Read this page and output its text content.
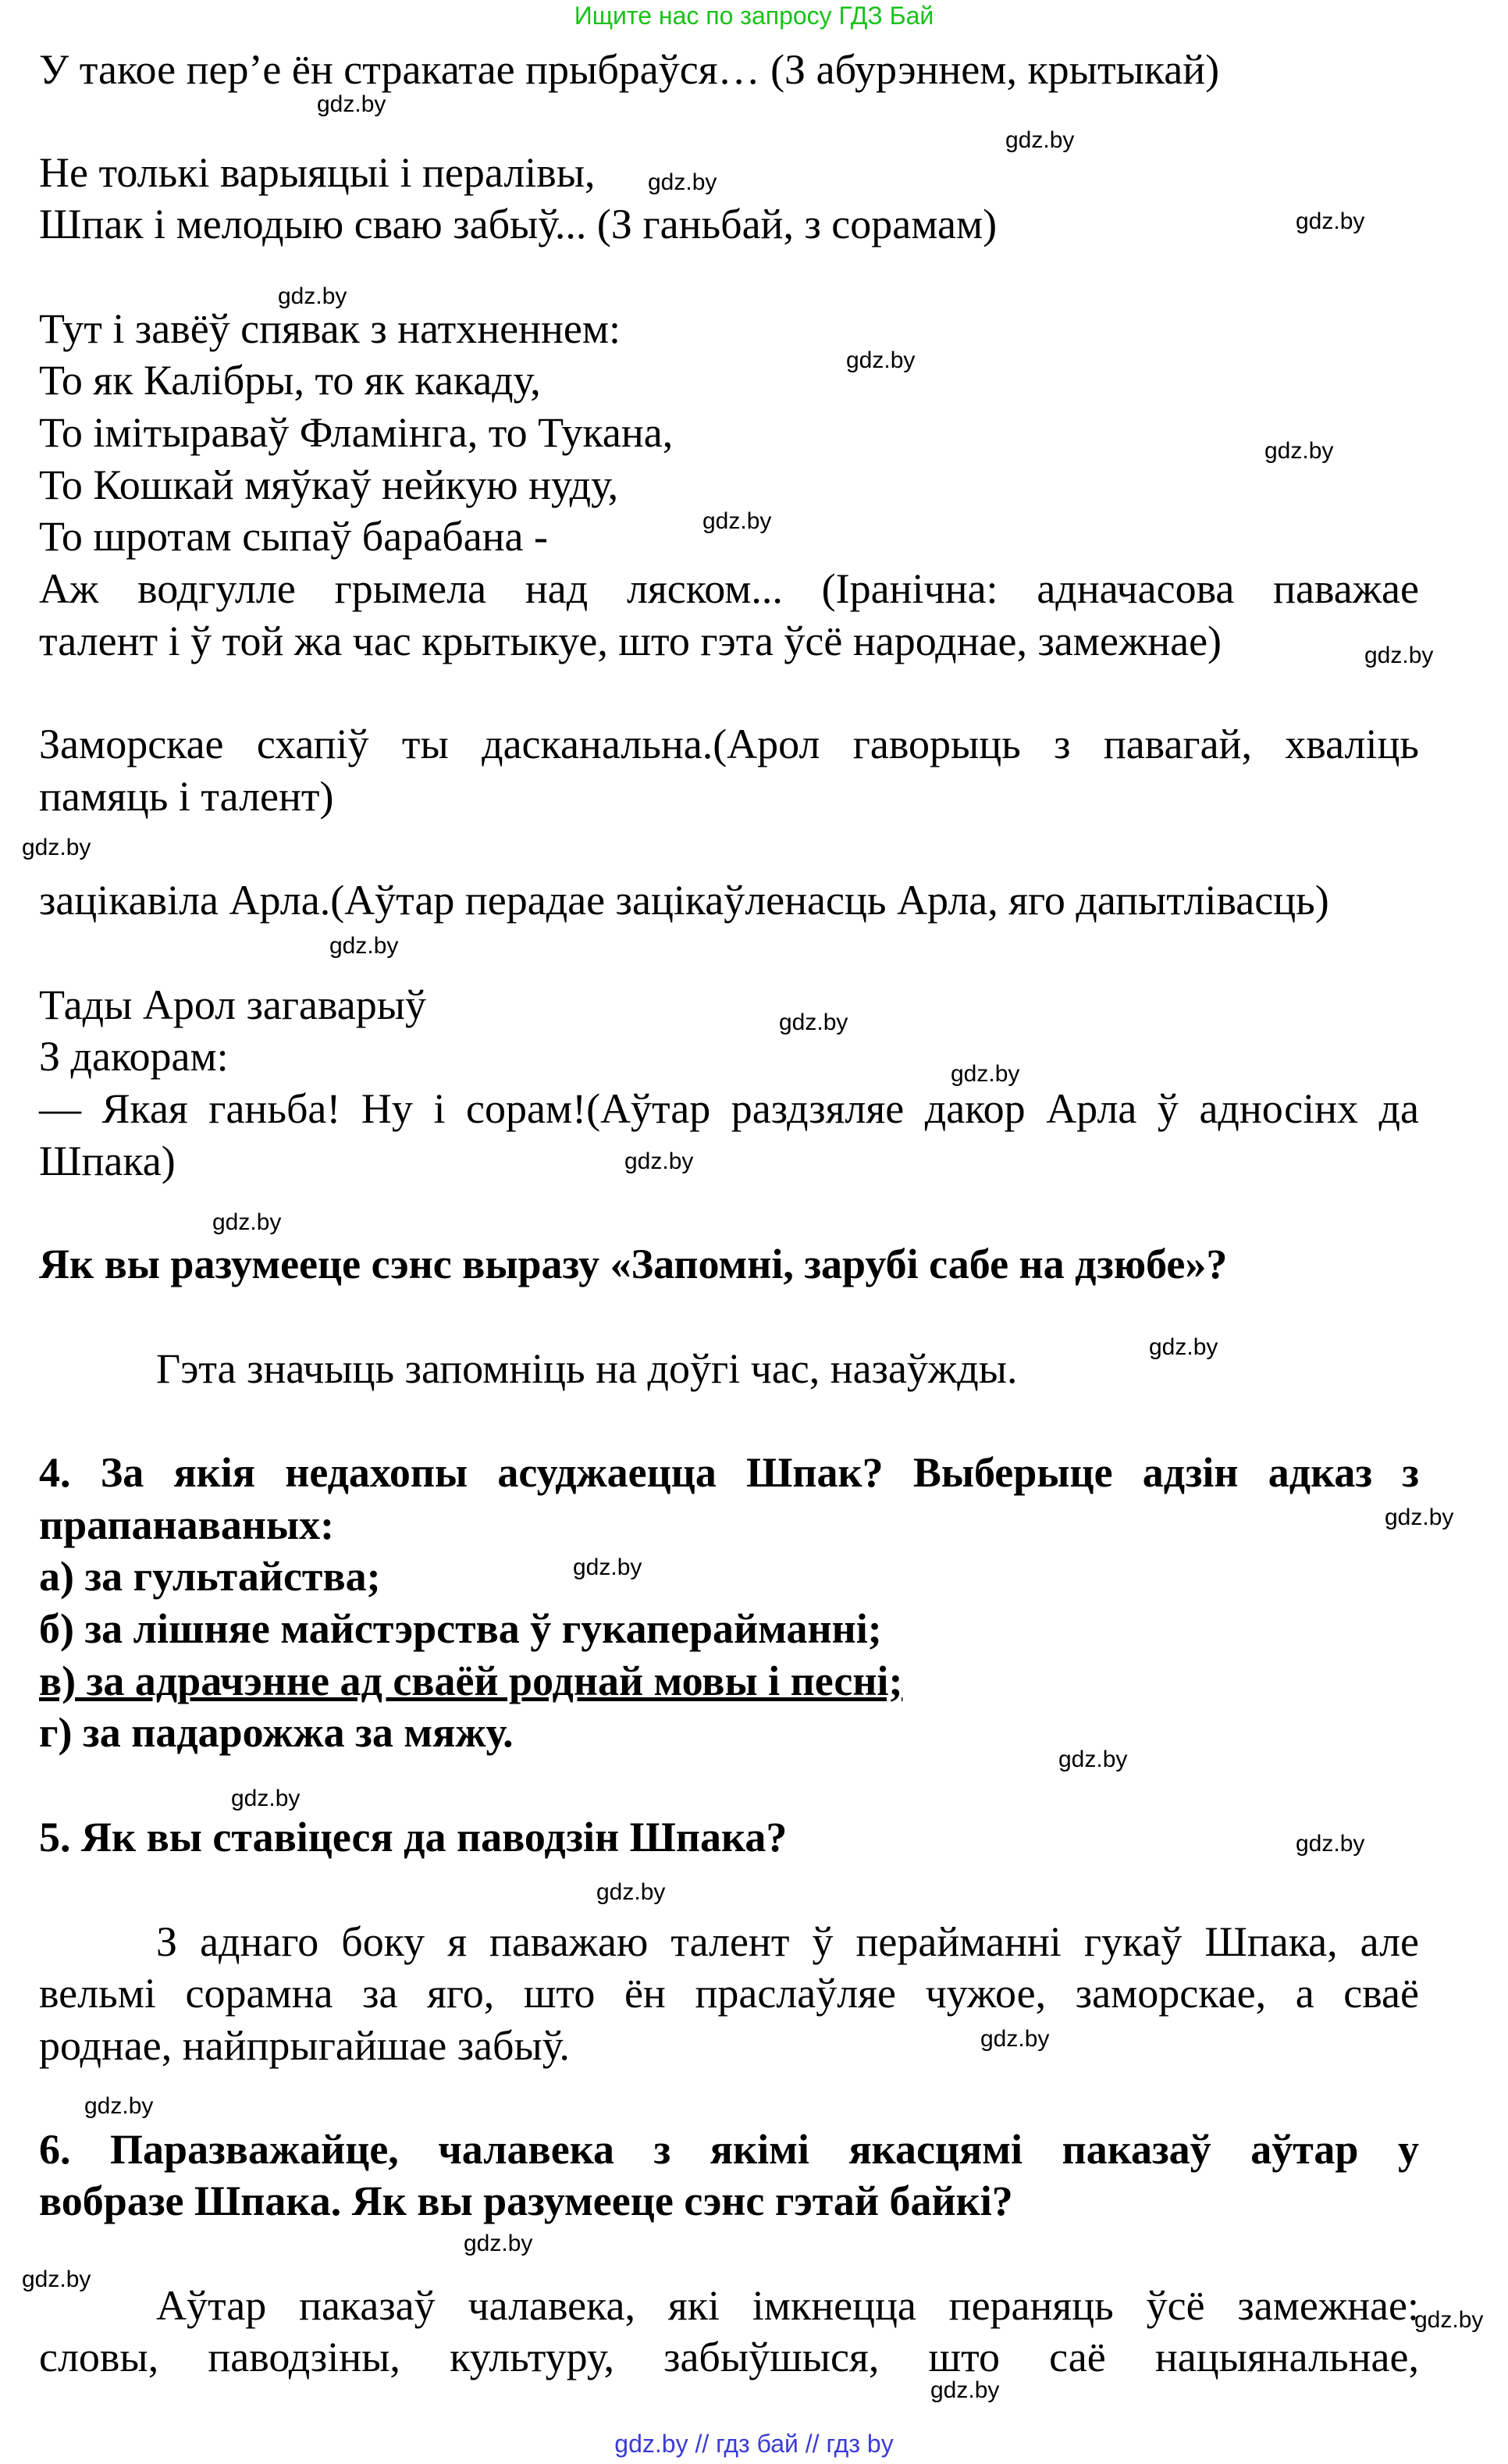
Ищите нас по запросу ГДЗ Бай
У такое пер’е ён стракатае прыбраўся… (З абурэннем, крытыкай)
Не толькі варыяцыі і пералівы,
Шпак і мелодыю сваю забыў... (З ганьбай, з сорамам)
Тут і завёў спявак з натхненнем:
То як Калібры, то як какаду,
То імітыраваў Фламінга, то Тукана,
То Кошкай мяўкаў нейкую нуду,
То шротам сыпаў барабана -
Аж водгулле грымела над ляском... (Іранічна: адначасова паважае
талент і ў той жа час крытыкуе, што гэта ўсё народнае, замежнае)
Заморскае схапіў ты дасканальна.(Арол гаворыць з павагай, хваліць
памяць і талент)
зацікавіла Арла.(Аўтар перадае зацікаўленасць Арла, яго дапытлівасць)
Тады Арол загаварыў
З дакорам:
— Якая ганьба! Ну і сорам!(Аўтар раздзяляе дакор Арла ў адносінх да
Шпака)
Як вы разумееце сэнс выразу «Запомні, зарубі сабе на дзюбе»?
Гэта значыць запомніць на доўгі час, назаўжды.
4. За якія недахопы асуджаецца Шпак? Выберыце адзін адказ з
прапанаваных:
а) за гультайства;
б) за лішняе майстэрства ў гукаперайманні;
в) за адрачэнне ад сваёй роднай мовы і песні;
г) за падарожжа за мяжу.
5. Як вы ставіцеся да паводзін Шпака?
З аднаго боку я паважаю талент ў перайманні гукаў Шпака, але
вельмі сорамна за яго, што ён праслаўляе чужое, заморскае, а сваё
роднае, найпрыгайшае забыў.
6. Паразважайце, чалавека з якімі якасцямі паказаў аўтар у
вобразе Шпака. Як вы разумееце сэнс гэтай байкі?
Аўтар паказаў чалавека, які імкнецца пераняць ўсё замежнае:
словы, паводзіны, культуру, забыўшыся, што саё нацыянальнае,
gdz.by
gdz.by
gdz.by
gdz.by
gdz.by
gdz.by
gdz.by
gdz.by
gdz.by
gdz.by
gdz.by
gdz.by
gdz.by
gdz.by
gdz.by
gdz.by
gdz.by
gdz.by
gdz.by
gdz.by
gdz.by
gdz.by
gdz.by
gdz.by
gdz.by
gdz.by
gdz.by
gdz.by
gdz.by // гдз бай // гдз by
